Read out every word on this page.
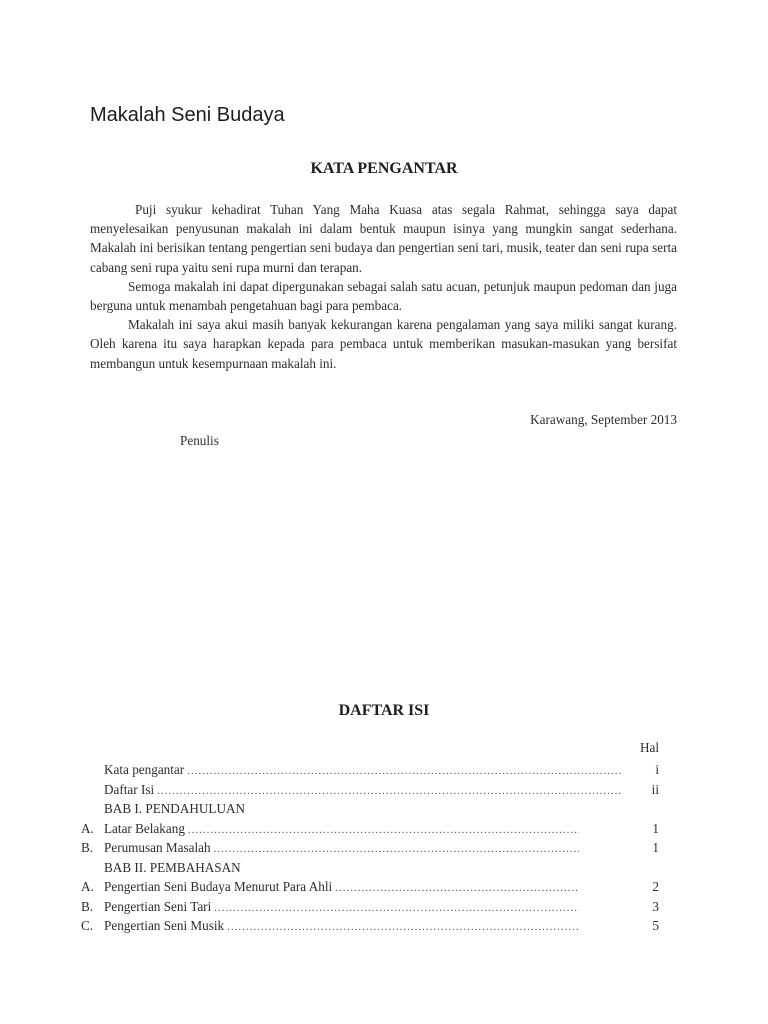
Makalah Seni Budaya
KATA PENGANTAR

Puji syukur kehadirat Tuhan Yang Maha Kuasa atas segala Rahmat, sehingga saya dapat menyelesaikan penyusunan makalah ini dalam bentuk maupun isinya yang mungkin sangat sederhana. Makalah ini berisikan tentang pengertian seni budaya dan pengertian seni tari, musik, teater dan seni rupa serta cabang seni rupa yaitu seni rupa murni dan terapan.

Semoga makalah ini dapat dipergunakan sebagai salah satu acuan, petunjuk maupun pedoman dan juga berguna untuk menambah pengetahuan bagi para pembaca.

Makalah ini saya akui masih banyak kekurangan karena pengalaman yang saya miliki sangat kurang. Oleh karena itu saya harapkan kepada para pembaca untuk memberikan masukan-masukan yang bersifat membangun untuk kesempurnaan makalah ini.

Karawang, September 2013
Penulis
DAFTAR ISI
Hal
Kata pengantar .....	i
Daftar Isi .....	ii
BAB I. PENDAHULUAN
A. Latar Belakang .....	1
B. Perumusan Masalah .....	1
BAB II. PEMBAHASAN
A. Pengertian Seni Budaya Menurut Para Ahli .....	2
B. Pengertian Seni Tari .....	3
C. Pengertian Seni Musik .....	5
